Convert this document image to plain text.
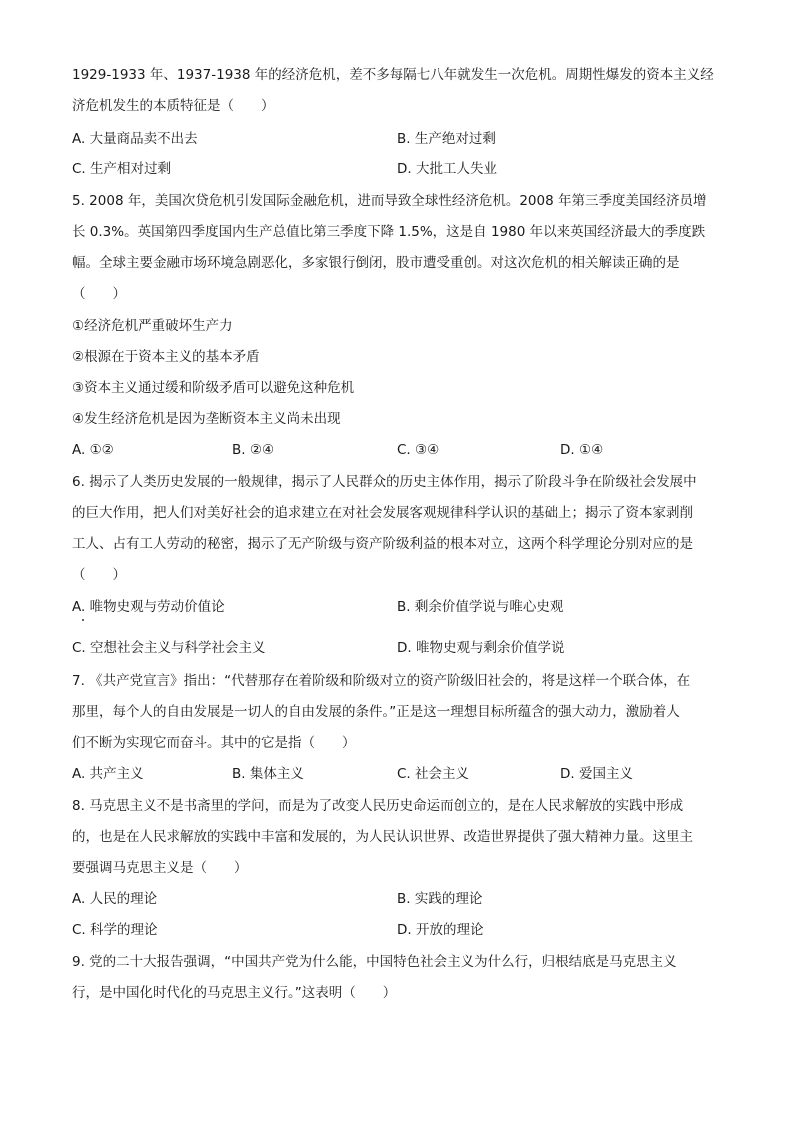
1929-1933 年、1937-1938 年的经济危机，差不多每隔七八年就发生一次危机。周期性爆发的资本主义经
济危机发生的本质特征是（　　）
A. 大量商品卖不出去	B. 生产绝对过剩
C. 生产相对过剩	D. 大批工人失业
5. 2008 年，美国次贷危机引发国际金融危机，进而导致全球性经济危机。2008 年第三季度美国经济员增
长 0.3%。英国第四季度国内生产总值比第三季度下降 1.5%，这是自 1980 年以来英国经济最大的季度跌
幅。全球主要金融市场环境急剧恶化，多家银行倒闭，股市遭受重创。对这次危机的相关解读正确的是
（　　）
①经济危机严重破坏生产力
②根源在于资本主义的基本矛盾
③资本主义通过缓和阶级矛盾可以避免这种危机
④发生经济危机是因为垄断资本主义尚未出现
A. ①②	B. ②④	C. ③④	D. ①④
6. 揭示了人类历史发展的一般规律，揭示了人民群众的历史主体作用，揭示了阶段斗争在阶级社会发展中
的巨大作用，把人们对美好社会的追求建立在对社会发展客观规律科学认识的基础上；揭示了资本家剥削
工人、占有工人劳动的秘密，揭示了无产阶级与资产阶级利益的根本对立，这两个科学理论分别对应的是
（　　）
A. 唯物史观与劳动价值论	B. 剩余价值学说与唯心史观
C. 空想社会主义与科学社会主义	D. 唯物史观与剩余价值学说
7. 《共产党宣言》指出：“代替那存在着阶级和阶级对立的资产阶级旧社会的，将是这样一个联合体，在
那里，每个人的自由发展是一切人的自由发展的条件。”正是这一理想目标所蕴含的强大动力，激励着人
们不断为实现它而奋斗。其中的它是指（　　）
A. 共产主义	B. 集体主义	C. 社会主义	D. 爱国主义
8. 马克思主义不是书斋里的学问，而是为了改变人民历史命运而创立的，是在人民求解放的实践中形成
的，也是在人民求解放的实践中丰富和发展的，为人民认识世界、改造世界提供了强大精神力量。这里主
要强调马克思主义是（　　）
A. 人民的理论	B. 实践的理论
C. 科学的理论	D. 开放的理论
9. 党的二十大报告强调，“中国共产党为什么能，中国特色社会主义为什么行，归根结底是马克思主义
行，是中国化时代化的马克思主义行。”这表明（　　）
